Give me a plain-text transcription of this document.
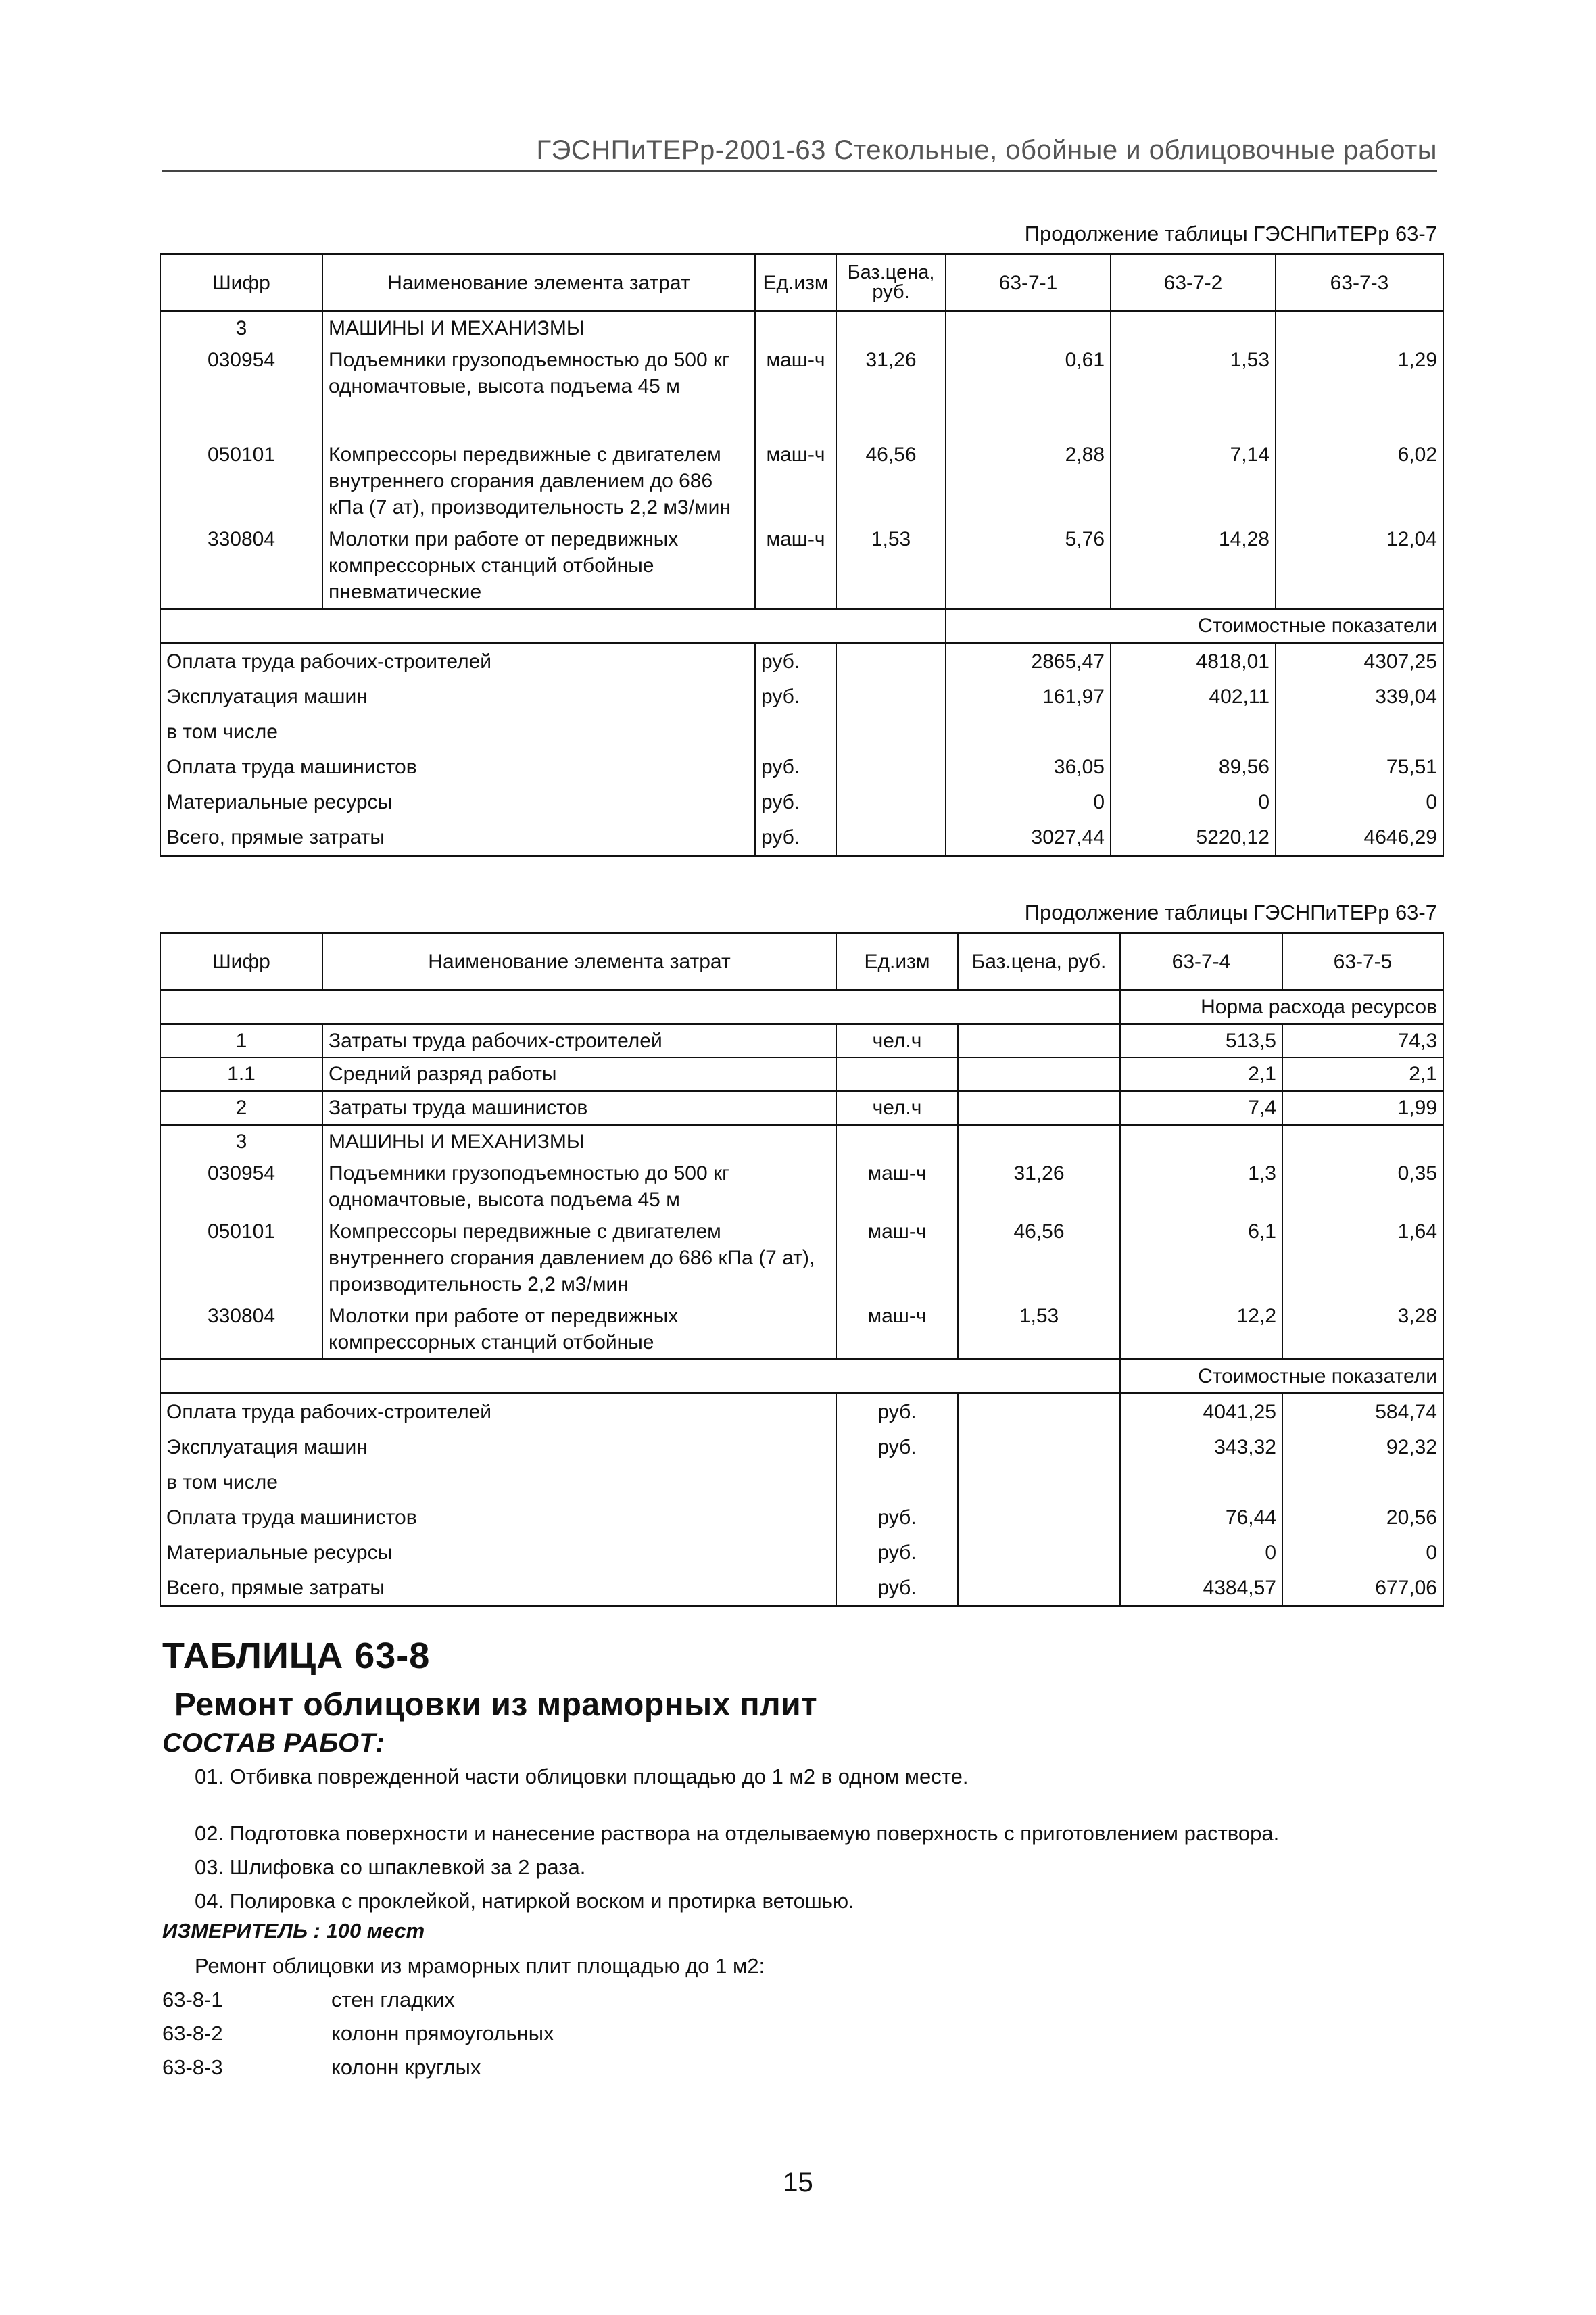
ГЭСНПиТЕРр-2001-63 Стекольные, обойные и облицовочные работы
Продолжение таблицы ГЭСНПиТЕРр 63-7
Шифр	Наименование элемента затрат	Ед.изм	Баз.цена, руб.	63-7-1	63-7-2	63-7-3
3	МАШИНЫ И МЕХАНИЗМЫ					
030954	Подъемники грузоподъемностью до 500 кг одномачтовые, высота подъема 45 м	маш-ч	31,26	0,61	1,53	1,29
050101	Компрессоры передвижные с двигателем внутреннего сгорания давлением до 686 кПа (7 ат), производительность 2,2 м3/мин	маш-ч	46,56	2,88	7,14	6,02
330804	Молотки при работе от передвижных компрессорных станций отбойные пневматические	маш-ч	1,53	5,76	14,28	12,04
				Стоимостные показатели		
Оплата труда рабочих-строителей		руб.		2865,47	4818,01	4307,25
Эксплуатация машин		руб.		161,97	402,11	339,04
в том числе						
Оплата труда машинистов		руб.		36,05	89,56	75,51
Материальные ресурсы		руб.		0	0	0
Всего, прямые затраты		руб.		3027,44	5220,12	4646,29
Продолжение таблицы ГЭСНПиТЕРр 63-7
Шифр	Наименование элемента затрат	Ед.изм	Баз.цена, руб.	63-7-4	63-7-5
				Норма расхода ресурсов	
1	Затраты труда рабочих-строителей	чел.ч		513,5	74,3
1.1	Средний разряд работы			2,1	2,1
2	Затраты труда машинистов	чел.ч		7,4	1,99
3	МАШИНЫ И МЕХАНИЗМЫ				
030954	Подъемники грузоподъемностью до 500 кг одномачтовые, высота подъема 45 м	маш-ч	31,26	1,3	0,35
050101	Компрессоры передвижные с двигателем внутреннего сгорания давлением до 686 кПа (7 ат), производительность 2,2 м3/мин	маш-ч	46,56	6,1	1,64
330804	Молотки при работе от передвижных компрессорных станций отбойные	маш-ч	1,53	12,2	3,28
				Стоимостные показатели	
Оплата труда рабочих-строителей		руб.		4041,25	584,74
Эксплуатация машин		руб.		343,32	92,32
в том числе					
Оплата труда машинистов		руб.		76,44	20,56
Материальные ресурсы		руб.		0	0
Всего, прямые затраты		руб.		4384,57	677,06
ТАБЛИЦА 63-8
Ремонт облицовки из мраморных плит
СОСТАВ РАБОТ:
01. Отбивка поврежденной части облицовки площадью до 1 м2 в одном месте.
02. Подготовка поверхности и нанесение раствора на отделываемую поверхность с приготовлением раствора.
03. Шлифовка со шпаклевкой за 2 раза.
04. Полировка с проклейкой, натиркой воском и протирка ветошью.
ИЗМЕРИТЕЛЬ : 100 мест
Ремонт облицовки из мраморных плит площадью до 1 м2:
63-8-1	стен гладких
63-8-2	колонн прямоугольных
63-8-3	колонн круглых
15
